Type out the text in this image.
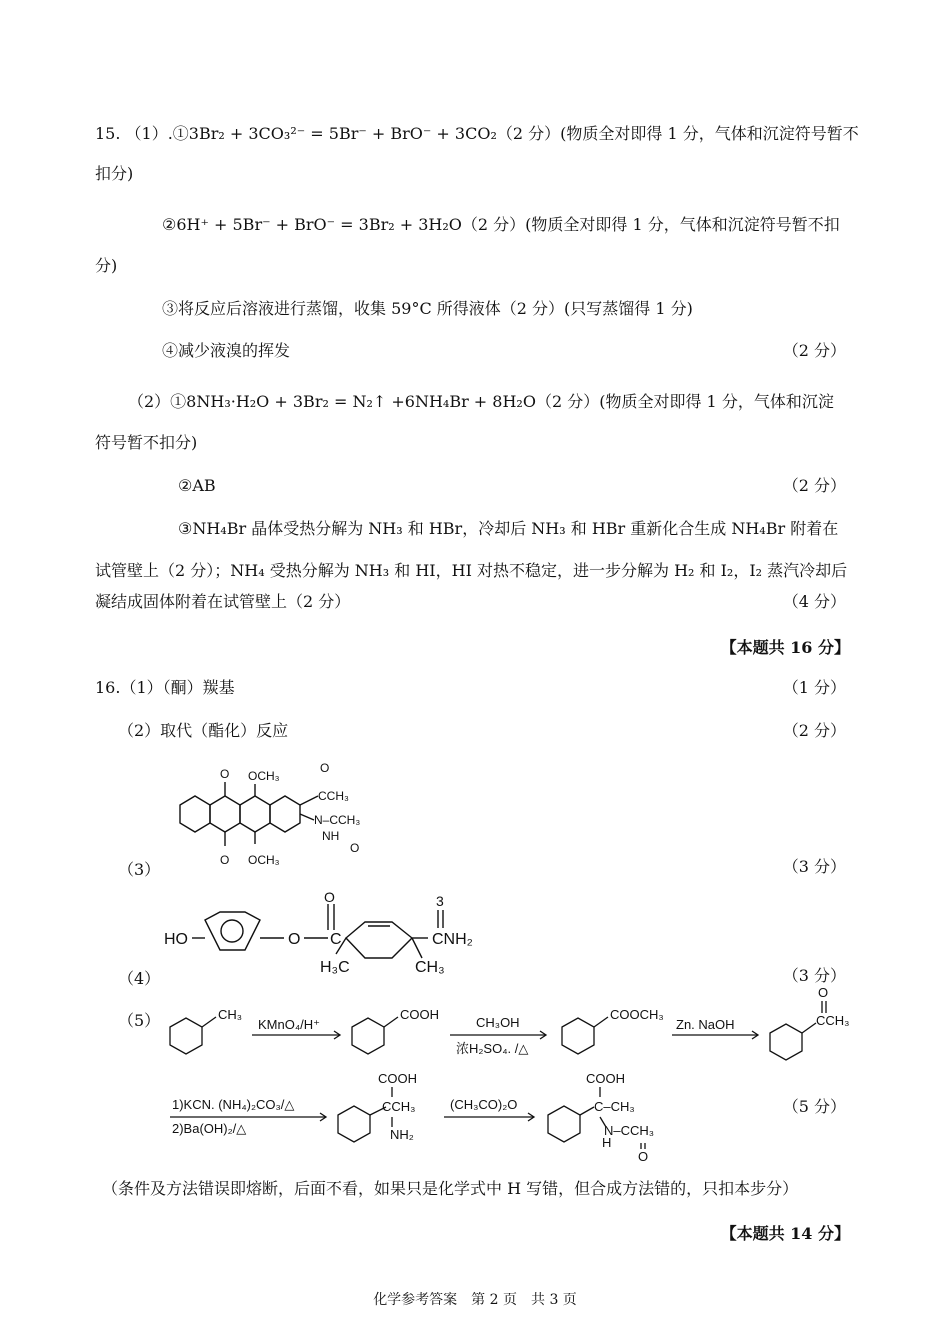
15. （1）.①3Br₂ + 3CO₃²⁻ = 5Br⁻ + BrO⁻ + 3CO₂（2 分）(物质全对即得 1 分，气体和沉淀符号暂不
扣分)
②6H⁺ + 5Br⁻ + BrO⁻ = 3Br₂ + 3H₂O（2 分）(物质全对即得 1 分，气体和沉淀符号暂不扣
分)
③将反应后溶液进行蒸馏，收集 59°C 所得液体（2 分）(只写蒸馏得 1 分)
④减少液溴的挥发	（2 分）
（2）①8NH₃·H₂O + 3Br₂ = N₂↑ +6NH₄Br + 8H₂O（2 分）(物质全对即得 1 分，气体和沉淀
符号暂不扣分)
②AB	（2 分）
③NH₄Br 晶体受热分解为 NH₃ 和 HBr，冷却后 NH₃ 和 HBr 重新化合生成 NH₄Br 附着在
试管壁上（2 分）；NH₄ 受热分解为 NH₃ 和 HI，HI 对热不稳定，进一步分解为 H₂ 和 I₂，I₂ 蒸汽冷却后
凝结成固体附着在试管壁上（2 分）	（4 分）
【本题共 16 分】
16.（1）（酮）羰基	（1 分）
（2）取代（酯化）反应	（2 分）
O OCH₃
O
CCH₃
N–CCH₃
NH
O
O OCH₃
（3）	（3 分）
HO	O C
O	3
CNH₂
H₃C	CH₃
（4）	（3 分）
（5）	CH₃
KMnO₄/H⁺
COOH
CH₃OH
浓H₂SO₄. /△
COOCH₃
Zn. NaOH
O
CCH₃
1)KCN. (NH₄)₂CO₃/△
2)Ba(OH)₂/△
COOH
CCH₃
NH₂
(CH₃CO)₂O
COOH
C–CH₃
N–CCH₃
H
O
（5 分）
（条件及方法错误即熔断，后面不看，如果只是化学式中 H 写错，但合成方法错的，只扣本步分）
【本题共 14 分】
化学参考答案　第 2 页　共 3 页
